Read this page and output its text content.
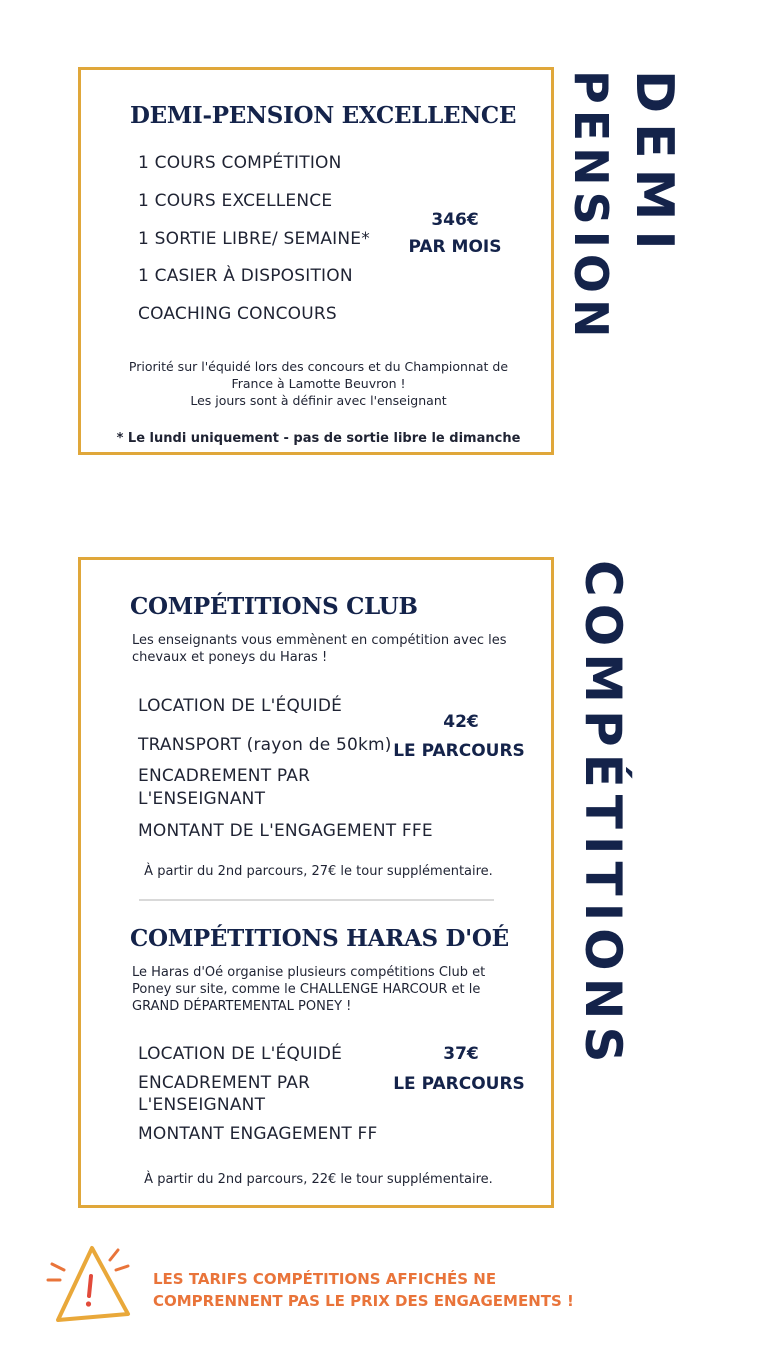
DEMI-PENSION EXCELLENCE
1 COURS COMPÉTITION
1 COURS EXCELLENCE
1 SORTIE LIBRE/ SEMAINE*
1 CASIER À DISPOSITION
COACHING CONCOURS
346€
PAR MOIS
Priorité sur l'équidé lors des concours et du Championnat de
France à Lamotte Beuvron !
Les jours sont à définir avec l'enseignant
* Le lundi uniquement - pas de sortie libre le dimanche
DEMI
PENSION
COMPÉTITIONS CLUB
Les enseignants vous emmènent en compétition avec les
chevaux et poneys du Haras !
LOCATION DE L'ÉQUIDÉ
TRANSPORT (rayon de 50km)
ENCADREMENT PAR
L'ENSEIGNANT
MONTANT DE L'ENGAGEMENT FFE
42€
LE PARCOURS
À partir du 2nd parcours, 27€ le tour supplémentaire.
COMPÉTITIONS HARAS D'OÉ
Le Haras d'Oé organise plusieurs compétitions Club et
Poney sur site, comme le CHALLENGE HARCOUR et le
GRAND DÉPARTEMENTAL PONEY !
LOCATION DE L'ÉQUIDÉ
ENCADREMENT PAR
L'ENSEIGNANT
MONTANT ENGAGEMENT FF
37€
LE PARCOURS
À partir du 2nd parcours, 22€ le tour supplémentaire.
COMPÉTITIONS
LES TARIFS COMPÉTITIONS AFFICHÉS NE
COMPRENNENT PAS LE PRIX DES ENGAGEMENTS !
